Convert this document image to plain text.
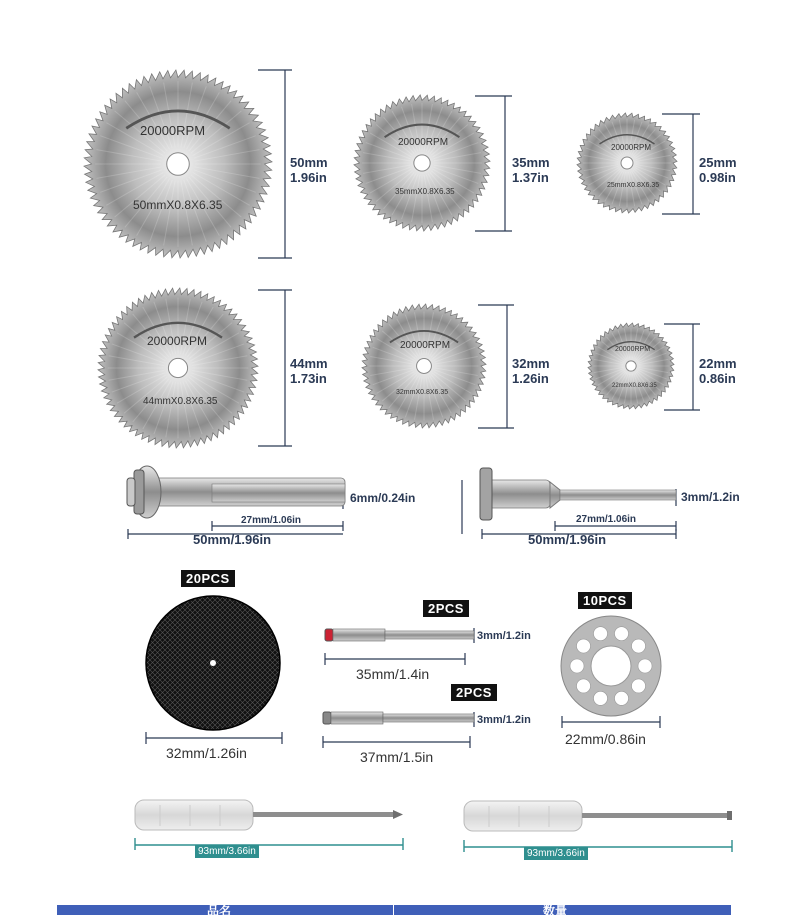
20000RPM
50mmX0.8X6.35
20000RPM
35mmX0.8X6.35
20000RPM
25mmX0.8X6.35
20000RPM
44mmX0.8X6.35
20000RPM
32mmX0.8X6.35
20000RPM
22mmX0.8X6.35
50mm
1.96in
35mm
1.37in
25mm
0.98in
44mm
1.73in
32mm
1.26in
22mm
0.86in
6mm/0.24in
27mm/1.06in
50mm/1.96in
3mm/1.2in
27mm/1.06in
50mm/1.96in
20PCS
32mm/1.26in
2PCS
3mm/1.2in
35mm/1.4in
2PCS
3mm/1.2in
37mm/1.5in
10PCS
22mm/0.86in
93mm/3.66in	93mm/3.66in
品名	数量
